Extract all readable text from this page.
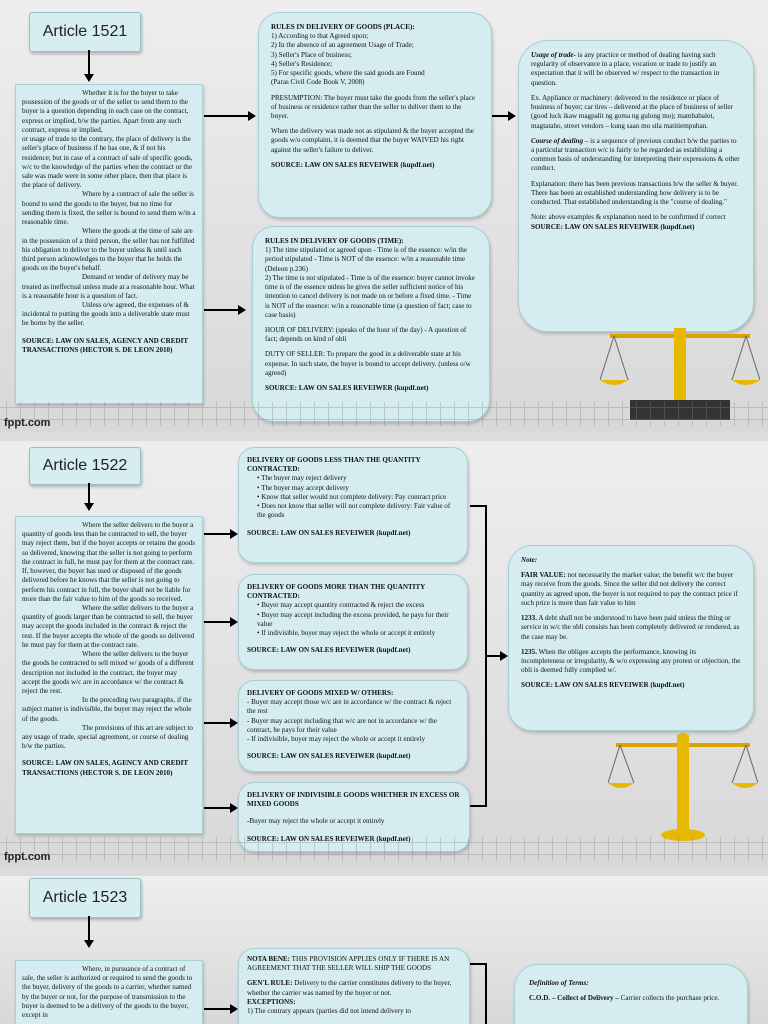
Article 1521
Whether it is for the buyer to take possession of the goods or of the seller to send them to the buyer is a question depending in each case on the contract, express or implied, b/w the parties. Apart from any such contract, express or implied,
or usage of trade to the contrary, the place of delivery is the seller's place of business if he has one, & if not his residence; but in case of a contract of sale of specific goods, w/c to the knowledge of the parties when the contract or the sale was made were in some other place, then that place is the place of delivery.
Where by a contract of sale the seller is bound to send the goods to the buyer, but no time for sending them is fixed, the seller is bound to send them w/in a reasonable time.
Where the goods at the time of sale are in the possession of a third person, the seller has not fulfilled his obligation to deliver to the buyer unless & until such third person acknowledges to the buyer that he holds the goods on the buyer's behalf.
Demand or tender of delivery may be treated as ineffectual unless made at a reasonable hour. What is a reasonable hour is a question of fact.
Unless o/w agreed, the expenses of & incidental to putting the goods into a deliverable state must be borne by the seller.
SOURCE: LAW ON SALES, AGENCY AND CREDIT TRANSACTIONS (HECTOR S. DE LEON 2010)
RULES IN DELIVERY OF GOODS (PLACE):
1) According to that Agreed upon;
2) In the absence of an agreement Usage of Trade;
3) Seller's Place of business;
4) Seller's Residence;
5) For specific goods, where the said goods are Found
(Paras Civil Code Book V, 2008)
PRESUMPTION: The buyer must take the goods from the seller's place of business or residence rather than the seller to deliver them to the buyer.
When the delivery was made not as stipulated & the buyer accepted the goods w/o complaint, it is deemed that the buyer WAIVED his right against the seller's failure to deliver.
SOURCE: LAW ON SALES REVEIWER (kupdf.net)
RULES IN DELIVERY OF GOODS (TIME):
1) The time stipulated or agreed upon - Time is of the essence: w/in the period stipulated - Time is NOT of the essence: w/in a reasonable time (Deleon p.236)
2) The time is not stipulated - Time is of the essence: buyer cannot invoke time is of the essence unless he gives the seller sufficient notice of his intention to cancel delivery is not made on or before a fixed time. - Time is NOT of the essence: w/in a reasonable time (a question of fact; case to case basis)
HOUR OF DELIVERY: (speaks of the hour of the day) - A question of fact; depends on kind of obli
DUTY OF SELLER: To prepare the good in a deliverable state at his expense. In such state, the buyer is bound to accept delivery. (unless o/w agreed)
SOURCE: LAW ON SALES REVEIWER (kupdf.net)
Usage of trade- is any practice or method of dealing having such regularity of observance in a place, vocation or trade to justify an expectation that it will be observed w/ respect to the transaction in question.
Ex. Appliance or machinery: delivered to the residence or place of business of buyer; car tires – delivered at the place of business of seller (good luck ikaw magpalit ng goma ng gulong mo); mambabalot, magtataho, street vendors – kung saan mo sila matitiempuhan.
Course of dealing – is a sequence of previous conduct b/w the parties to a particular transaction w/c is fairly to be regarded as establishing a common basis of understanding for interpreting their expressions & other conduct.
Explanation: there has been previous transactions b/w the seller & buyer. There has been an established understanding how delivery is to be conducted. That established understanding is the "course of dealing."
Note: above examples & explanation need to be confirmed if correct
SOURCE: LAW ON SALES REVEIWER (kupdf.net)
fppt.com
Article 1522
Where the seller delivers to the buyer a quantity of goods less than he contracted to sell, the buyer may reject them, but if the buyer accepts or retains the goods so delivered, knowing that the seller is not going to perform the contract in full, he must pay for them at the contract rate. If, however, the buyer has used or disposed of the goods delivered before he knows that the seller is not going to perform his contract in full, the buyer shall not be liable for more than the fair value to him of the goods so received.
Where the seller delivers to the buyer a quantity of goods larger than he contracted to sell, the buyer may accept the goods included in the contract & reject the rest. If the buyer accepts the whole of the goods so delivered he must pay for them at the contract rate.
Where the seller delivers to the buyer the goods he contracted to sell mixed w/ goods of a different description not included in the contract, the buyer may accept the goods w/c are in accordance w/ the contract & reject the rest.
In the preceding two paragraphs, if the subject matter is indivisible, the buyer may reject the whole of the goods.
The provisions of this art are subject to any usage of trade, special agreement, or course of dealing b/w the parties.
SOURCE: LAW ON SALES, AGENCY AND CREDIT TRANSACTIONS (HECTOR S. DE LEON 2010)
DELIVERY OF GOODS LESS THAN THE QUANTITY CONTRACTED:
• The buyer may reject delivery
• The buyer may accept delivery
• Know that seller would not complete delivery: Pay contract price
• Does not know that seller will not complete delivery: Fair value of the goods
SOURCE: LAW ON SALES REVEIWER (kupdf.net)
DELIVERY OF GOODS MORE THAN THE QUANTITY CONTRACTED:
• Buyer may accept quantity contracted & reject the excess
• Buyer may accept including the excess provided, he pays for their value
• If indivisible, buyer may reject the whole or accept it entirely
SOURCE: LAW ON SALES REVEIWER (kupdf.net)
DELIVERY OF GOODS MIXED W/ OTHERS:
- Buyer may accept those w/c are in accordance w/ the contract & reject the rest
- Buyer may accept including that w/c are not in accordance w/ the contract, he pays for their value
- If indivisible, buyer may reject the whole or accept it entirely
SOURCE: LAW ON SALES REVEIWER (kupdf.net)
DELIVERY OF INDIVISIBLE GOODS WHETHER IN EXCESS OR MIXED GOODS
-Buyer may reject the whole or accept it entirely
SOURCE: LAW ON SALES REVEIWER (kupdf.net)
Note:
FAIR VALUE: not necessarily the market value; the benefit w/c the buyer may receive from the goods. Since the seller did not delivery the correct quantity as agreed upon, the buyer is not required to pay the contract price if such price is more than fair value to him
1233. A debt shall not be understood to have been paid unless the thing or service in w/c the obli consists has been completely delivered or rendered, as the case may be.
1235. When the obligee accepts the performance, knowing its incompleteness or irregularity, & w/o expressing any protest or objection, the obli is deemed fully complied w/.
SOURCE: LAW ON SALES REVEIWER (kupdf.net)
fppt.com
Article 1523
Where, in pursuance of a contract of sale, the seller is authorized or required to send the goods to the buyer, delivery of the goods to a carrier, whether named by the buyer or not, for the purpose of transmission to the buyer is deemed to be a delivery of the goods to the buyer, except in
NOTA BENE: THIS PROVISION APPLIES ONLY IF THERE IS AN AGREEMENT THAT THE SELLER WILL SHIP THE GOODS
GEN'L RULE: Delivery to the carrier constitutes delivery to the buyer, whether the carrier was named by the buyer or not.
EXCEPTIONS:
1) The contrary appears (parties did not intend delivery to
Definition of Terms:
C.O.D. – Collect of Delivery – Carrier collects the purchase price.
